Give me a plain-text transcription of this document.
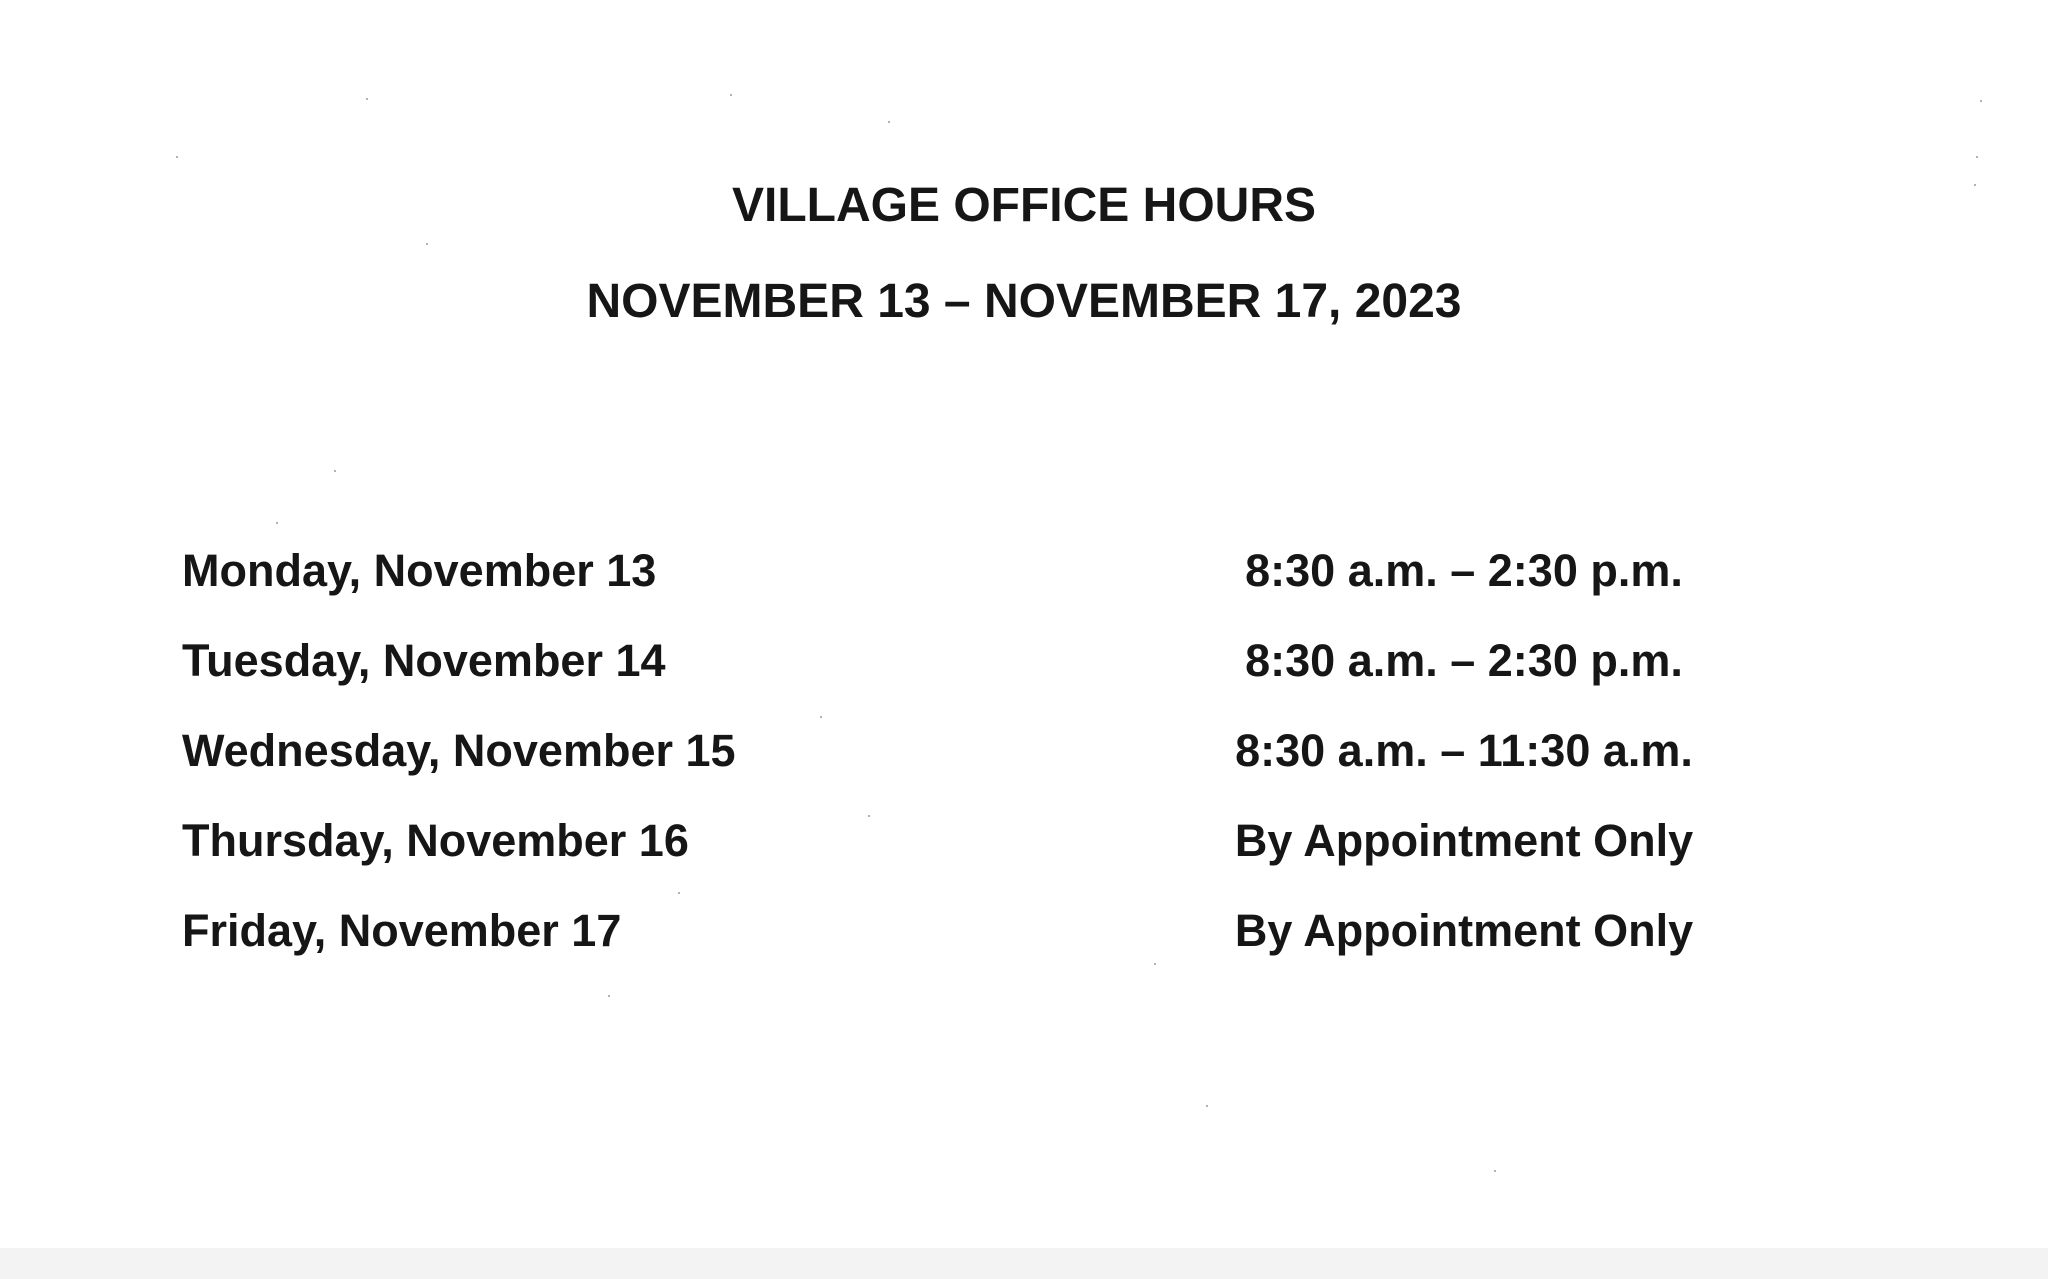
VILLAGE OFFICE HOURS
NOVEMBER 13 – NOVEMBER 17, 2023
Monday, November 13	8:30 a.m. – 2:30 p.m.
Tuesday, November 14	8:30 a.m. – 2:30 p.m.
Wednesday, November 15	8:30 a.m. – 11:30 a.m.
Thursday, November 16	By Appointment Only
Friday, November 17	By Appointment Only
